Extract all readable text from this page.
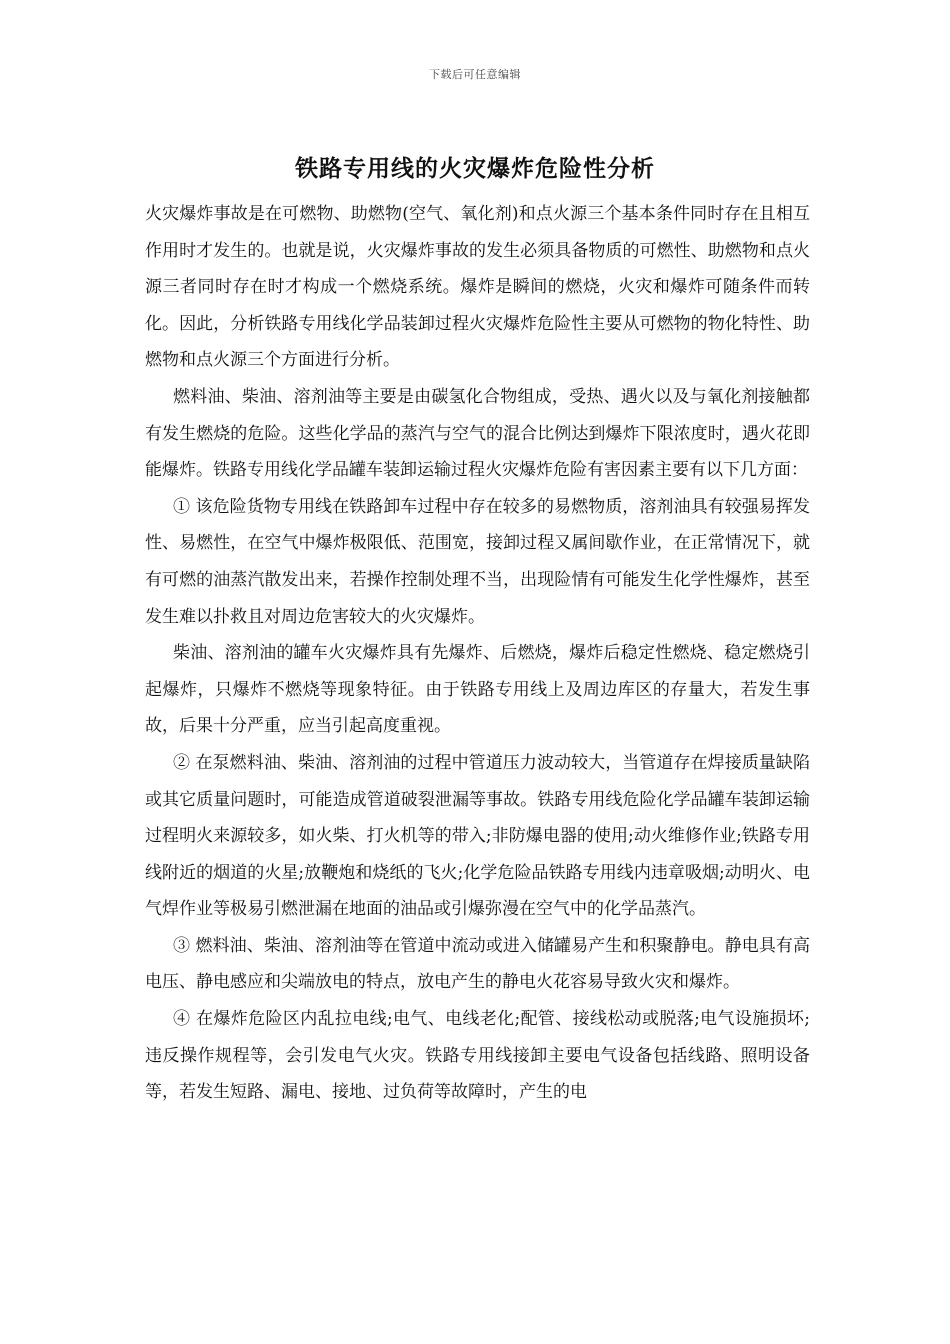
下载后可任意编辑
铁路专用线的火灾爆炸危险性分析

火灾爆炸事故是在可燃物、助燃物(空气、氧化剂)和点火源三个基本条件同时存在且相互作用时才发生的。也就是说，火灾爆炸事故的发生必须具备物质的可燃性、助燃物和点火源三者同时存在时才构成一个燃烧系统。爆炸是瞬间的燃烧，火灾和爆炸可随条件而转化。因此，分析铁路专用线化学品装卸过程火灾爆炸危险性主要从可燃物的物化特性、助燃物和点火源三个方面进行分析。

燃料油、柴油、溶剂油等主要是由碳氢化合物组成，受热、遇火以及与氧化剂接触都有发生燃烧的危险。这些化学品的蒸汽与空气的混合比例达到爆炸下限浓度时，遇火花即能爆炸。铁路专用线化学品罐车装卸运输过程火灾爆炸危险有害因素主要有以下几方面：

① 该危险货物专用线在铁路卸车过程中存在较多的易燃物质，溶剂油具有较强易挥发性、易燃性，在空气中爆炸极限低、范围宽，接卸过程又属间歇作业，在正常情况下，就有可燃的油蒸汽散发出来，若操作控制处理不当，出现险情有可能发生化学性爆炸，甚至发生难以扑救且对周边危害较大的火灾爆炸。

柴油、溶剂油的罐车火灾爆炸具有先爆炸、后燃烧，爆炸后稳定性燃烧、稳定燃烧引起爆炸，只爆炸不燃烧等现象特征。由于铁路专用线上及周边库区的存量大，若发生事故，后果十分严重，应当引起高度重视。

② 在泵燃料油、柴油、溶剂油的过程中管道压力波动较大，当管道存在焊接质量缺陷或其它质量问题时，可能造成管道破裂泄漏等事故。铁路专用线危险化学品罐车装卸运输过程明火来源较多，如火柴、打火机等的带入;非防爆电器的使用;动火维修作业;铁路专用线附近的烟道的火星;放鞭炮和烧纸的飞火;化学危险品铁路专用线内违章吸烟;动明火、电气焊作业等极易引燃泄漏在地面的油品或引爆弥漫在空气中的化学品蒸汽。

③ 燃料油、柴油、溶剂油等在管道中流动或进入储罐易产生和积聚静电。静电具有高电压、静电感应和尖端放电的特点，放电产生的静电火花容易导致火灾和爆炸。

④ 在爆炸危险区内乱拉电线;电气、电线老化;配管、接线松动或脱落;电气设施损坏;违反操作规程等，会引发电气火灾。铁路专用线接卸主要电气设备包括线路、照明设备等，若发生短路、漏电、接地、过负荷等故障时，产生的电
